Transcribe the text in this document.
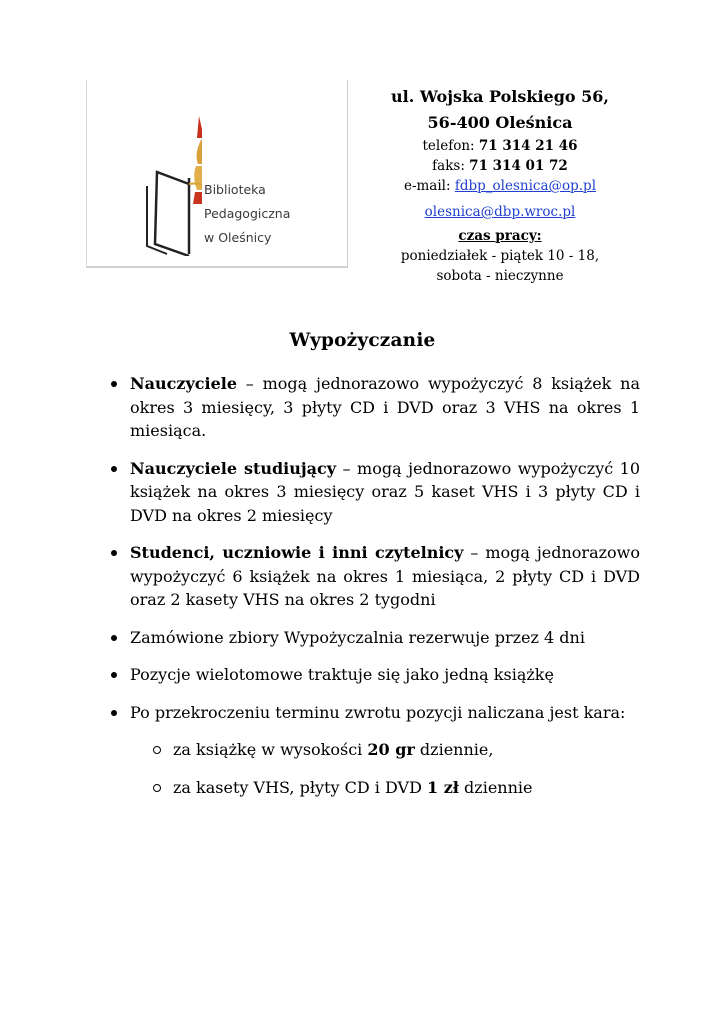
Biblioteka
Pedagogiczna
w Oleśnicy
ul. Wojska Polskiego 56,
56-400 Oleśnica
telefon: 71 314 21 46
faks: 71 314 01 72
e-mail: fdbp_olesnica@op.pl
olesnica@dbp.wroc.pl
czas pracy:
poniedziałek - piątek 10 - 18,
sobota - nieczynne
Wypożyczanie
Nauczyciele – mogą jednorazowo wypożyczyć 8 książek na okres 3 miesięcy, 3 płyty CD i DVD oraz 3 VHS na okres 1 miesiąca.
Nauczyciele studiujący – mogą jednorazowo wypożyczyć 10 książek na okres 3 miesięcy oraz 5 kaset VHS i 3 płyty CD i DVD na okres 2 miesięcy
Studenci, uczniowie i inni czytelnicy – mogą jednorazowo wypożyczyć 6 książek na okres 1 miesiąca, 2 płyty CD i DVD oraz 2 kasety VHS na okres 2 tygodni
Zamówione zbiory Wypożyczalnia rezerwuje przez 4 dni
Pozycje wielotomowe traktuje się jako jedną książkę
Po przekroczeniu terminu zwrotu pozycji naliczana jest kara:
za książkę w wysokości 20 gr dziennie,
za kasety VHS, płyty CD i DVD 1 zł dziennie
